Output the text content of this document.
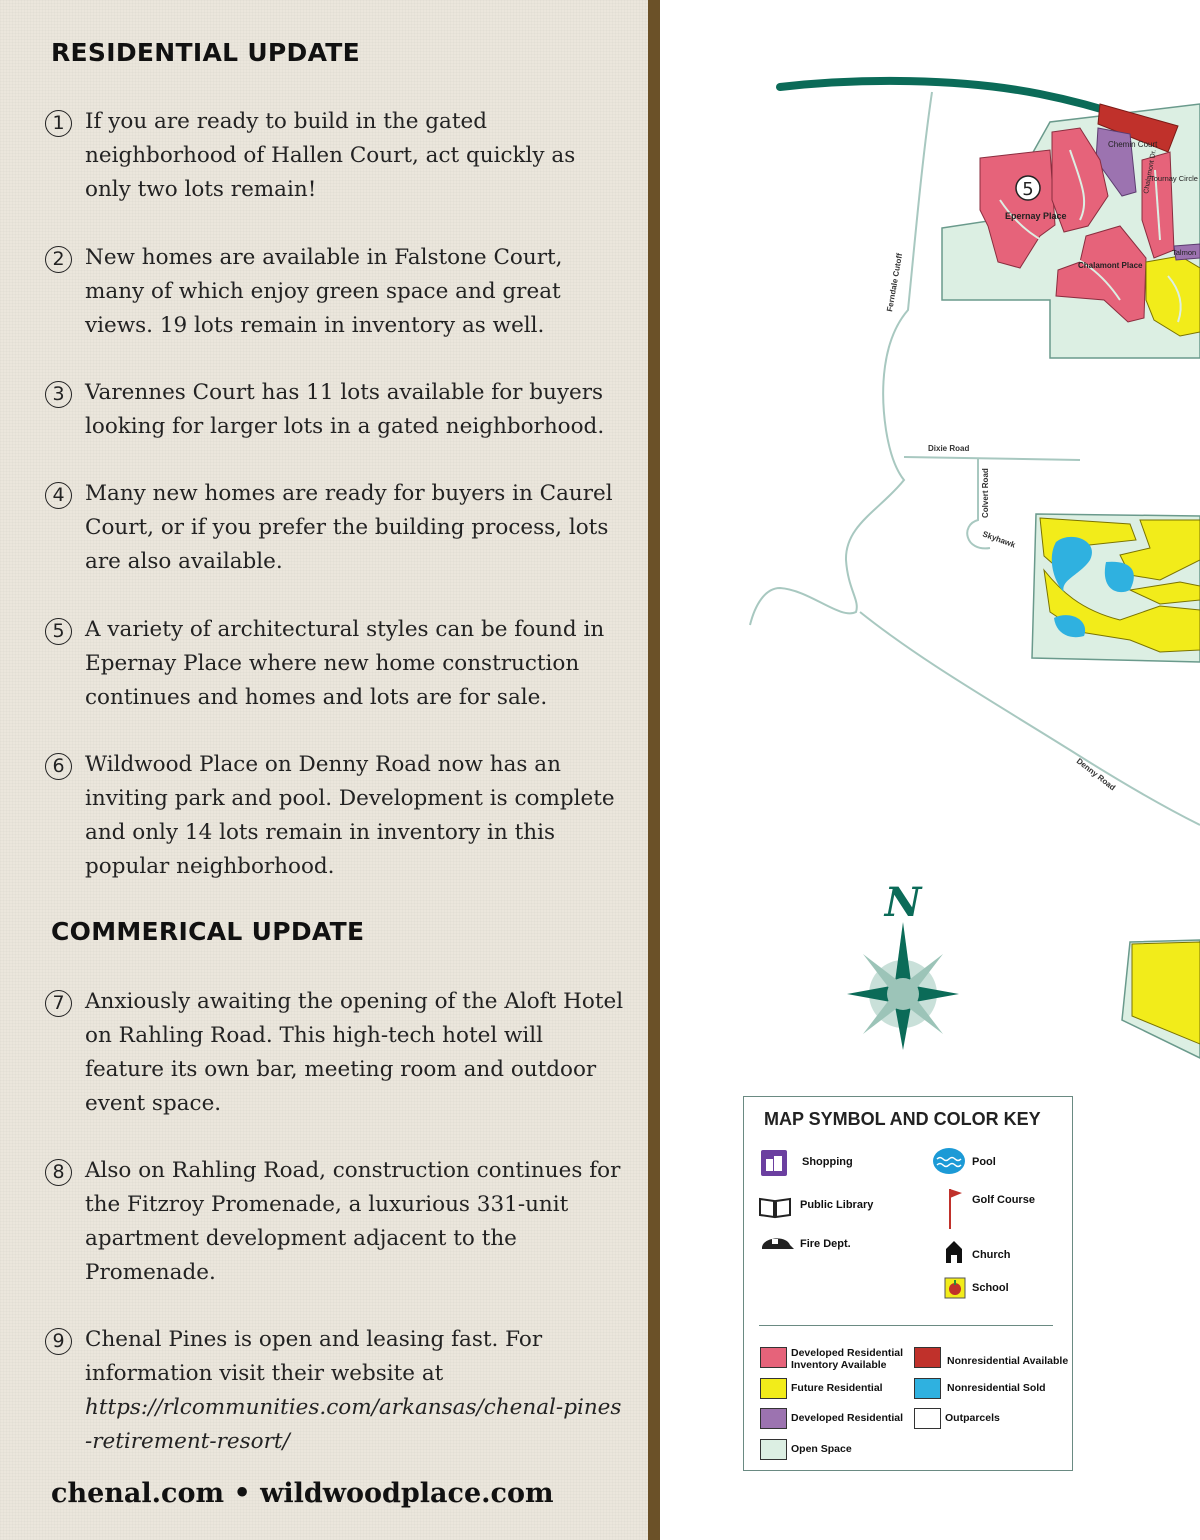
RESIDENTIAL UPDATE
1 If you are ready to build in the gated neighborhood of Hallen Court, act quickly as only two lots remain!
2 New homes are available in Falstone Court, many of which enjoy green space and great views. 19 lots remain in inventory as well.
3 Varennes Court has 11 lots available for buyers looking for larger lots in a gated neighborhood.
4 Many new homes are ready for buyers in Caurel Court, or if you prefer the building process, lots are also available.
5 A variety of architectural styles can be found in Epernay Place where new home construction continues and homes and lots are for sale.
6 Wildwood Place on Denny Road now has an inviting park and pool. Development is complete and only 14 lots remain in inventory in this popular neighborhood.
COMMERICAL UPDATE
7 Anxiously awaiting the opening of the Aloft Hotel on Rahling Road. This high-tech hotel will feature its own bar, meeting room and outdoor event space.
8 Also on Rahling Road, construction continues for the Fitzroy Promenade, a luxurious 331-unit apartment development adjacent to the Promenade.
9 Chenal Pines is open and leasing fast. For information visit their website at
https://rlcommunities.com/arkansas/chenal-pines-retirement-resort/

chenal.com • wildwoodplace.com

Ferndale Cutoff
Dixie Road
Colvert Road
Skyhawk
Denny Road
5
Chemin Court
Chalamont Dr.
Tournay Circle
Epernay Place
Chalamont Place
Talmon
N

MAP SYMBOL AND COLOR KEY

Shopping	Pool
Public Library	Golf Course
Fire Dept.
Church
School
Developed Residential Inventory Available	Nonresidential Available
Future Residential	Nonresidential Sold
Developed Residential	Outparcels
Open Space
